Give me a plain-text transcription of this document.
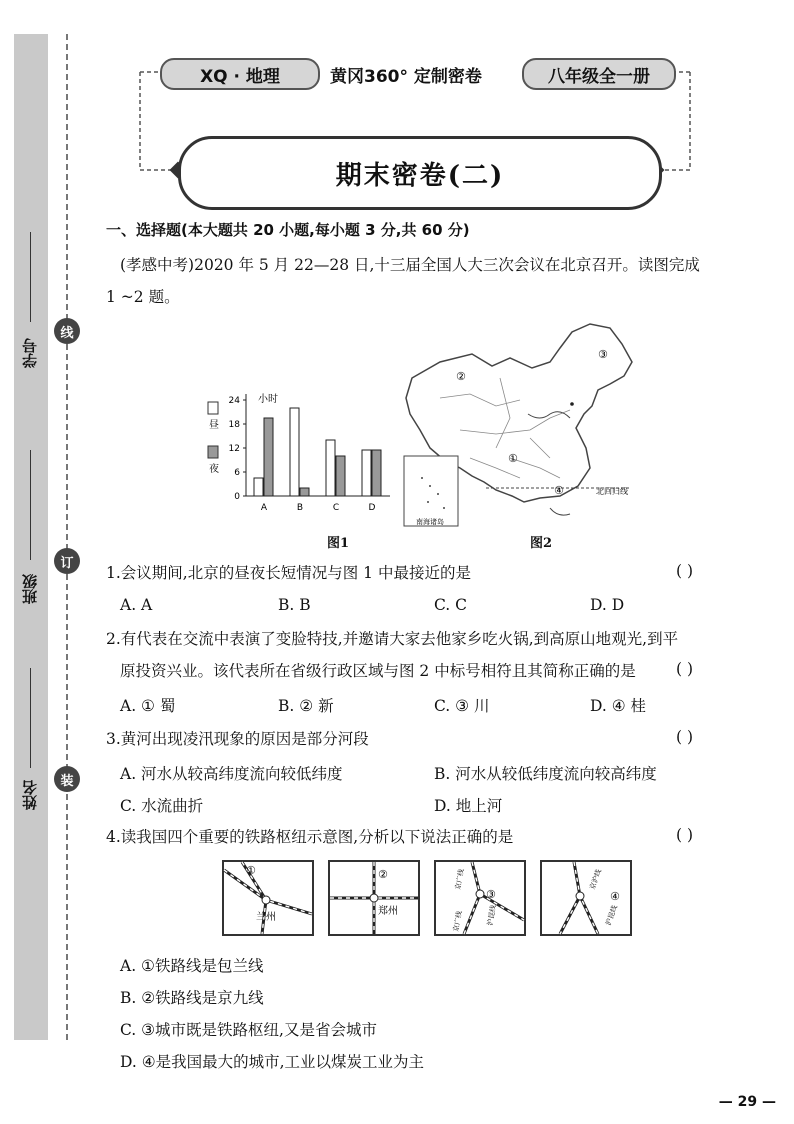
学号
班级
姓名
线
订
装
XQ · 地理	黄冈360° 定制密卷	八年级全一册
期末密卷(二)
一、选择题(本大题共 20 小题,每小题 3 分,共 60 分)
(孝感中考)2020 年 5 月 22—28 日,十三届全国人大三次会议在北京召开。读图完成
1 ~2 题。
小时
昼
夜
0
6
12
18
24
A	B	C	D
图1
②
③
①
④	北回归线
南海诸岛
图2
1.会议期间,北京的昼夜长短情况与图 1 中最接近的是	( )
A. A	B. B	C. C	D. D
2.有代表在交流中表演了变脸特技,并邀请大家去他家乡吃火锅,到高原山地观光,到平
原投资兴业。该代表所在省级行政区域与图 2 中标号相符且其简称正确的是	( )
A. ① 蜀	B. ② 新	C. ③ 川	D. ④ 桂
3.黄河出现凌汛现象的原因是部分河段	( )
A. 河水从较高纬度流向较低纬度	B. 河水从较低纬度流向较高纬度
C. 水流曲折	D. 地上河
4.读我国四个重要的铁路枢纽示意图,分析以下说法正确的是	( )
①
兰州
②
郑州
③
京广线
沪昆线
京广线
④
京沪线
沪昆线
A. ①铁路线是包兰线
B. ②铁路线是京九线
C. ③城市既是铁路枢纽,又是省会城市
D. ④是我国最大的城市,工业以煤炭工业为主
— 29 —
